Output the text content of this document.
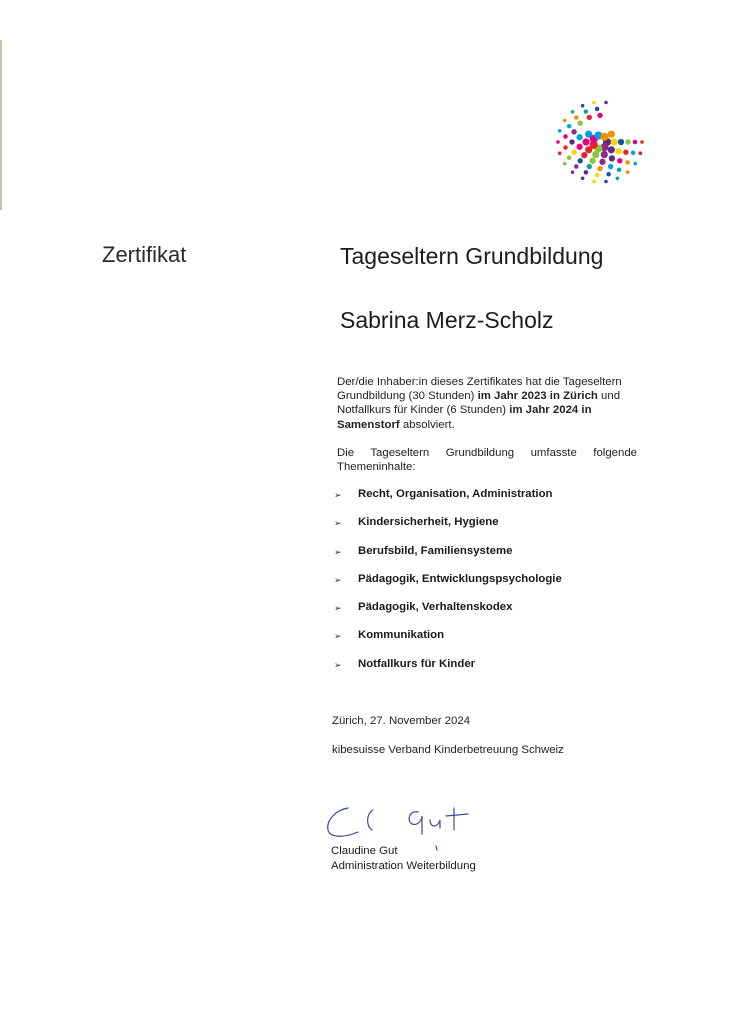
Zertifikat	Tageseltern Grundbildung
Sabrina Merz-Scholz
Der/die Inhaber:in dieses Zertifikates hat die Tageseltern Grundbildung (30 Stunden) im Jahr 2023 in Zürich und Notfallkurs für Kinder (6 Stunden) im Jahr 2024 in Samenstorf absolviert.
Die Tageseltern Grundbildung umfasste folgende Themeninhalte:
➢	Recht, Organisation, Administration
➢	Kindersicherheit, Hygiene
➢	Berufsbild, Familiensysteme
➢	Pädagogik, Entwicklungspsychologie
➢	Pädagogik, Verhaltenskodex
➢	Kommunikation
➢	Notfallkurs für Kinder
Zürich, 27. November 2024
kibesuisse Verband Kinderbetreuung Schweiz
Claudine Gut
Administration Weiterbildung
